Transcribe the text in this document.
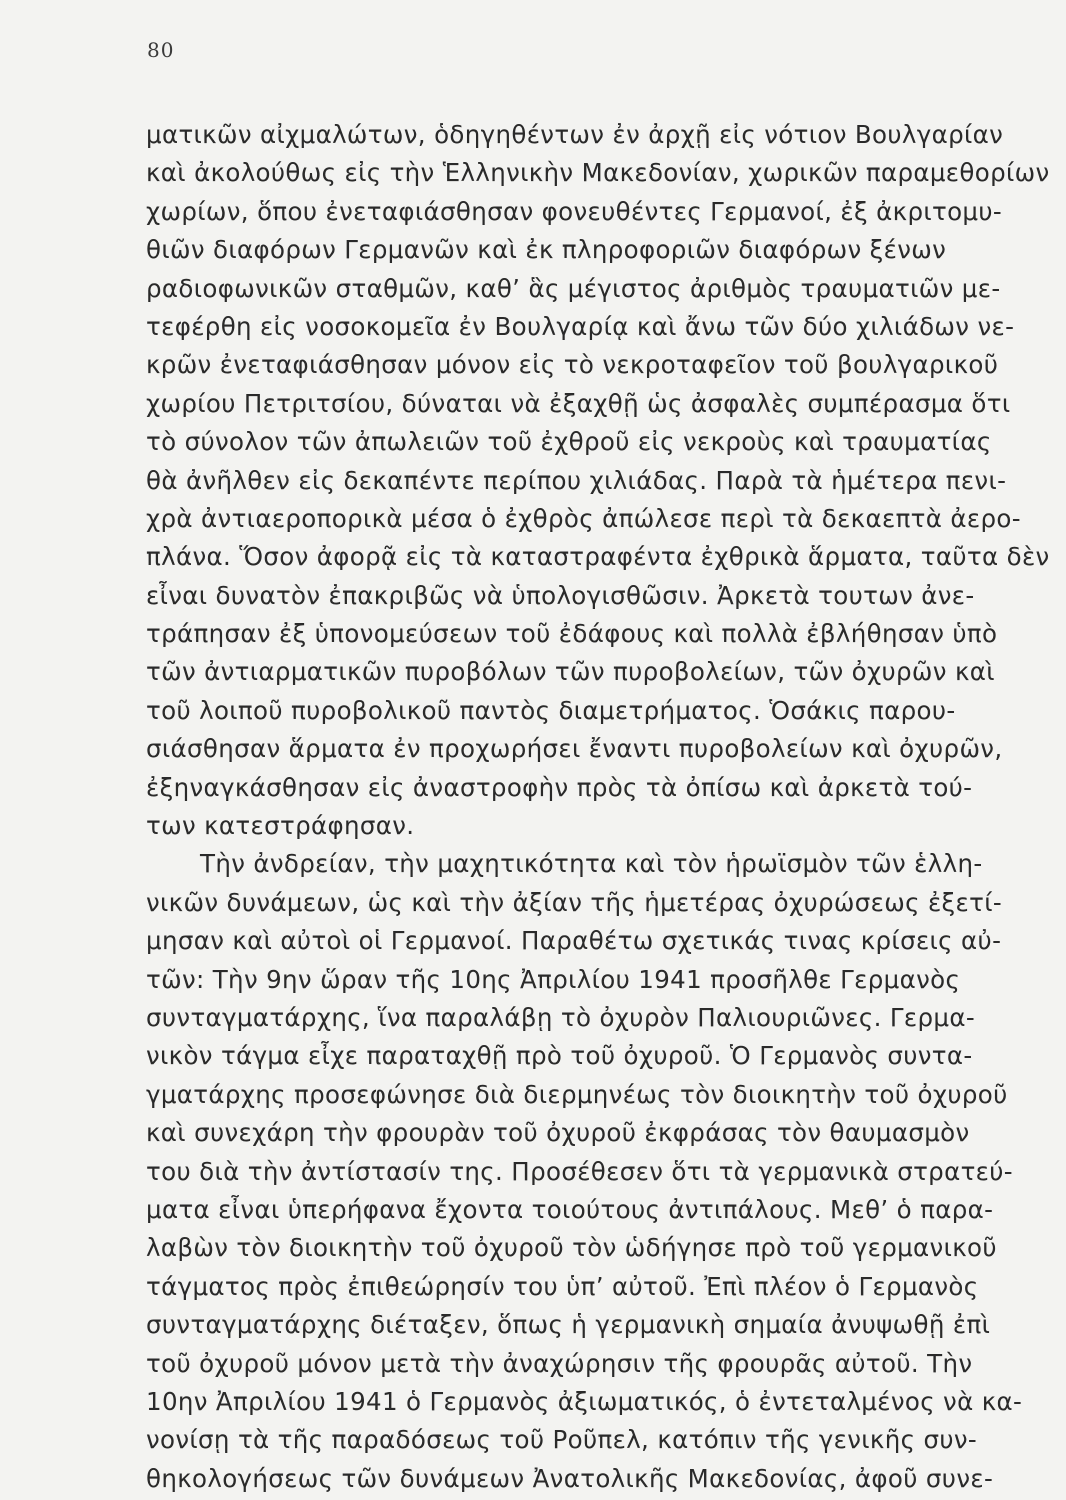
80
ματικῶν αἰχμαλώτων, ὁδηγηθέντων ἐν ἀρχῇ εἰς νότιον Βουλγαρίαν
καὶ ἀκολούθως εἰς τὴν Ἑλληνικὴν Μακεδονίαν, χωρικῶν παραμεθορίων
χωρίων, ὅπου ἐνεταφιάσθησαν φονευθέντες Γερμανοί, ἐξ ἀκριτομυ-
θιῶν διαφόρων Γερμανῶν καὶ ἐκ πληροφοριῶν διαφόρων ξένων
ραδιοφωνικῶν σταθμῶν, καθ’ ἃς μέγιστος ἀριθμὸς τραυματιῶν με-
τεφέρθη εἰς νοσοκομεῖα ἐν Βουλγαρίᾳ καὶ ἄνω τῶν δύο χιλιάδων νε-
κρῶν ἐνεταφιάσθησαν μόνον εἰς τὸ νεκροταφεῖον τοῦ βουλγαρικοῦ
χωρίου Πετριτσίου, δύναται νὰ ἐξαχθῇ ὡς ἀσφαλὲς συμπέρασμα ὅτι
τὸ σύνολον τῶν ἀπωλειῶν τοῦ ἐχθροῦ εἰς νεκροὺς καὶ τραυματίας
θὰ ἀνῆλθεν εἰς δεκαπέντε περίπου χιλιάδας. Παρὰ τὰ ἡμέτερα πενι-
χρὰ ἀντιαεροπορικὰ μέσα ὁ ἐχθρὸς ἀπώλεσε περὶ τὰ δεκαεπτὰ ἀερο-
πλάνα. Ὅσον ἀφορᾷ εἰς τὰ καταστραφέντα ἐχθρικὰ ἅρματα, ταῦτα δὲν
εἶναι δυνατὸν ἐπακριβῶς νὰ ὑπολογισθῶσιν. Ἀρκετὰ τουτων ἀνε-
τράπησαν ἐξ ὑπονομεύσεων τοῦ ἐδάφους καὶ πολλὰ ἐβλήθησαν ὑπὸ
τῶν ἀντιαρματικῶν πυροβόλων τῶν πυροβολείων, τῶν ὀχυρῶν καὶ
τοῦ λοιποῦ πυροβολικοῦ παντὸς διαμετρήματος. Ὁσάκις παρου-
σιάσθησαν ἅρματα ἐν προχωρήσει ἔναντι πυροβολείων καὶ ὀχυρῶν,
ἐξηναγκάσθησαν εἰς ἀναστροφὴν πρὸς τὰ ὀπίσω καὶ ἀρκετὰ τού-
των κατεστράφησαν.
Τὴν ἀνδρείαν, τὴν μαχητικότητα καὶ τὸν ἡρωϊσμὸν τῶν ἑλλη-
νικῶν δυνάμεων, ὡς καὶ τὴν ἀξίαν τῆς ἡμετέρας ὀχυρώσεως ἐξετί-
μησαν καὶ αὐτοὶ οἱ Γερμανοί. Παραθέτω σχετικάς τινας κρίσεις αὐ-
τῶν: Τὴν 9ην ὥραν τῆς 10ης Ἀπριλίου 1941 προσῆλθε Γερμανὸς
συνταγματάρχης, ἵνα παραλάβῃ τὸ ὀχυρὸν Παλιουριῶνες. Γερμα-
νικὸν τάγμα εἶχε παραταχθῇ πρὸ τοῦ ὀχυροῦ. Ὁ Γερμανὸς συντα-
γματάρχης προσεφώνησε διὰ διερμηνέως τὸν διοικητὴν τοῦ ὀχυροῦ
καὶ συνεχάρη τὴν φρουρὰν τοῦ ὀχυροῦ ἐκφράσας τὸν θαυμασμὸν
του διὰ τὴν ἀντίστασίν της. Προσέθεσεν ὅτι τὰ γερμανικὰ στρατεύ-
ματα εἶναι ὑπερήφανα ἔχοντα τοιούτους ἀντιπάλους. Μεθ’ ὁ παρα-
λαβὼν τὸν διοικητὴν τοῦ ὀχυροῦ τὸν ὡδήγησε πρὸ τοῦ γερμανικοῦ
τάγματος πρὸς ἐπιθεώρησίν του ὑπ’ αὐτοῦ. Ἐπὶ πλέον ὁ Γερμανὸς
συνταγματάρχης διέταξεν, ὅπως ἡ γερμανικὴ σημαία ἀνυψωθῇ ἐπὶ
τοῦ ὀχυροῦ μόνον μετὰ τὴν ἀναχώρησιν τῆς φρουρᾶς αὐτοῦ. Τὴν
10ην Ἀπριλίου 1941 ὁ Γερμανὸς ἀξιωματικός, ὁ ἐντεταλμένος νὰ κα-
νονίσῃ τὰ τῆς παραδόσεως τοῦ Ροῦπελ, κατόπιν τῆς γενικῆς συν-
θηκολογήσεως τῶν δυνάμεων Ἀνατολικῆς Μακεδονίας, ἀφοῦ συνε-
